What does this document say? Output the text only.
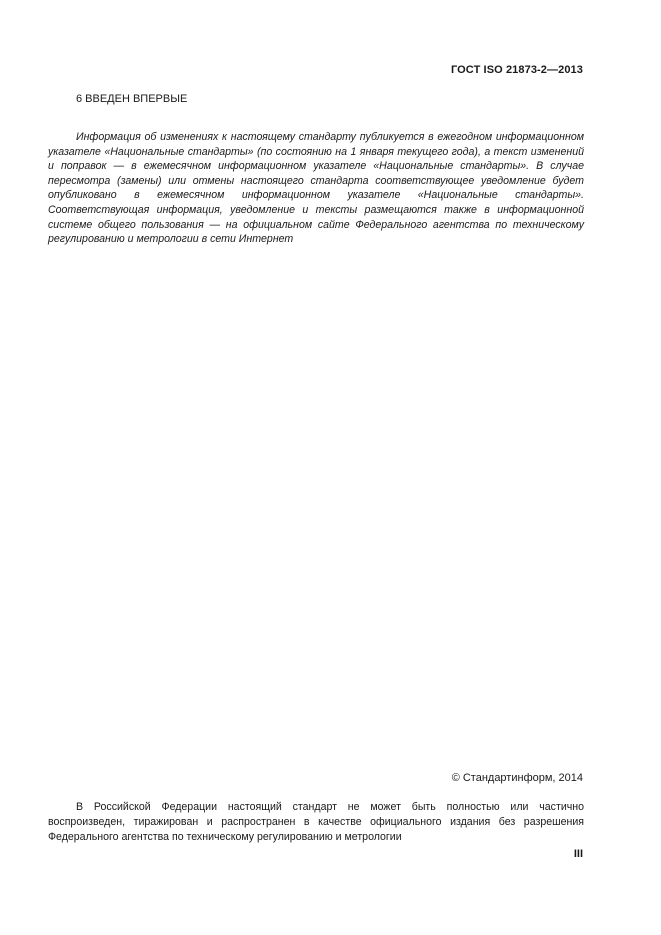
ГОСТ ISO 21873-2—2013
6 ВВЕДЕН ВПЕРВЫЕ

Информация об изменениях к настоящему стандарту публикуется в ежегодном информационном указателе «Национальные стандарты» (по состоянию на 1 января текущего года), а текст изменений и поправок — в ежемесячном информационном указателе «Национальные стандарты». В случае пересмотра (замены) или отмены настоящего стандарта соответствующее уведомление будет опубликовано в ежемесячном информационном указателе «Национальные стандарты». Соответствующая информация, уведомление и тексты размещаются также в информационной системе общего пользования — на официальном сайте Федерального агентства по техническому регулированию и метрологии в сети Интернет

© Стандартинформ, 2014

В Российской Федерации настоящий стандарт не может быть полностью или частично воспроизведен, тиражирован и распространен в качестве официального издания без разрешения Федерального агентства по техническому регулированию и метрологии

III
